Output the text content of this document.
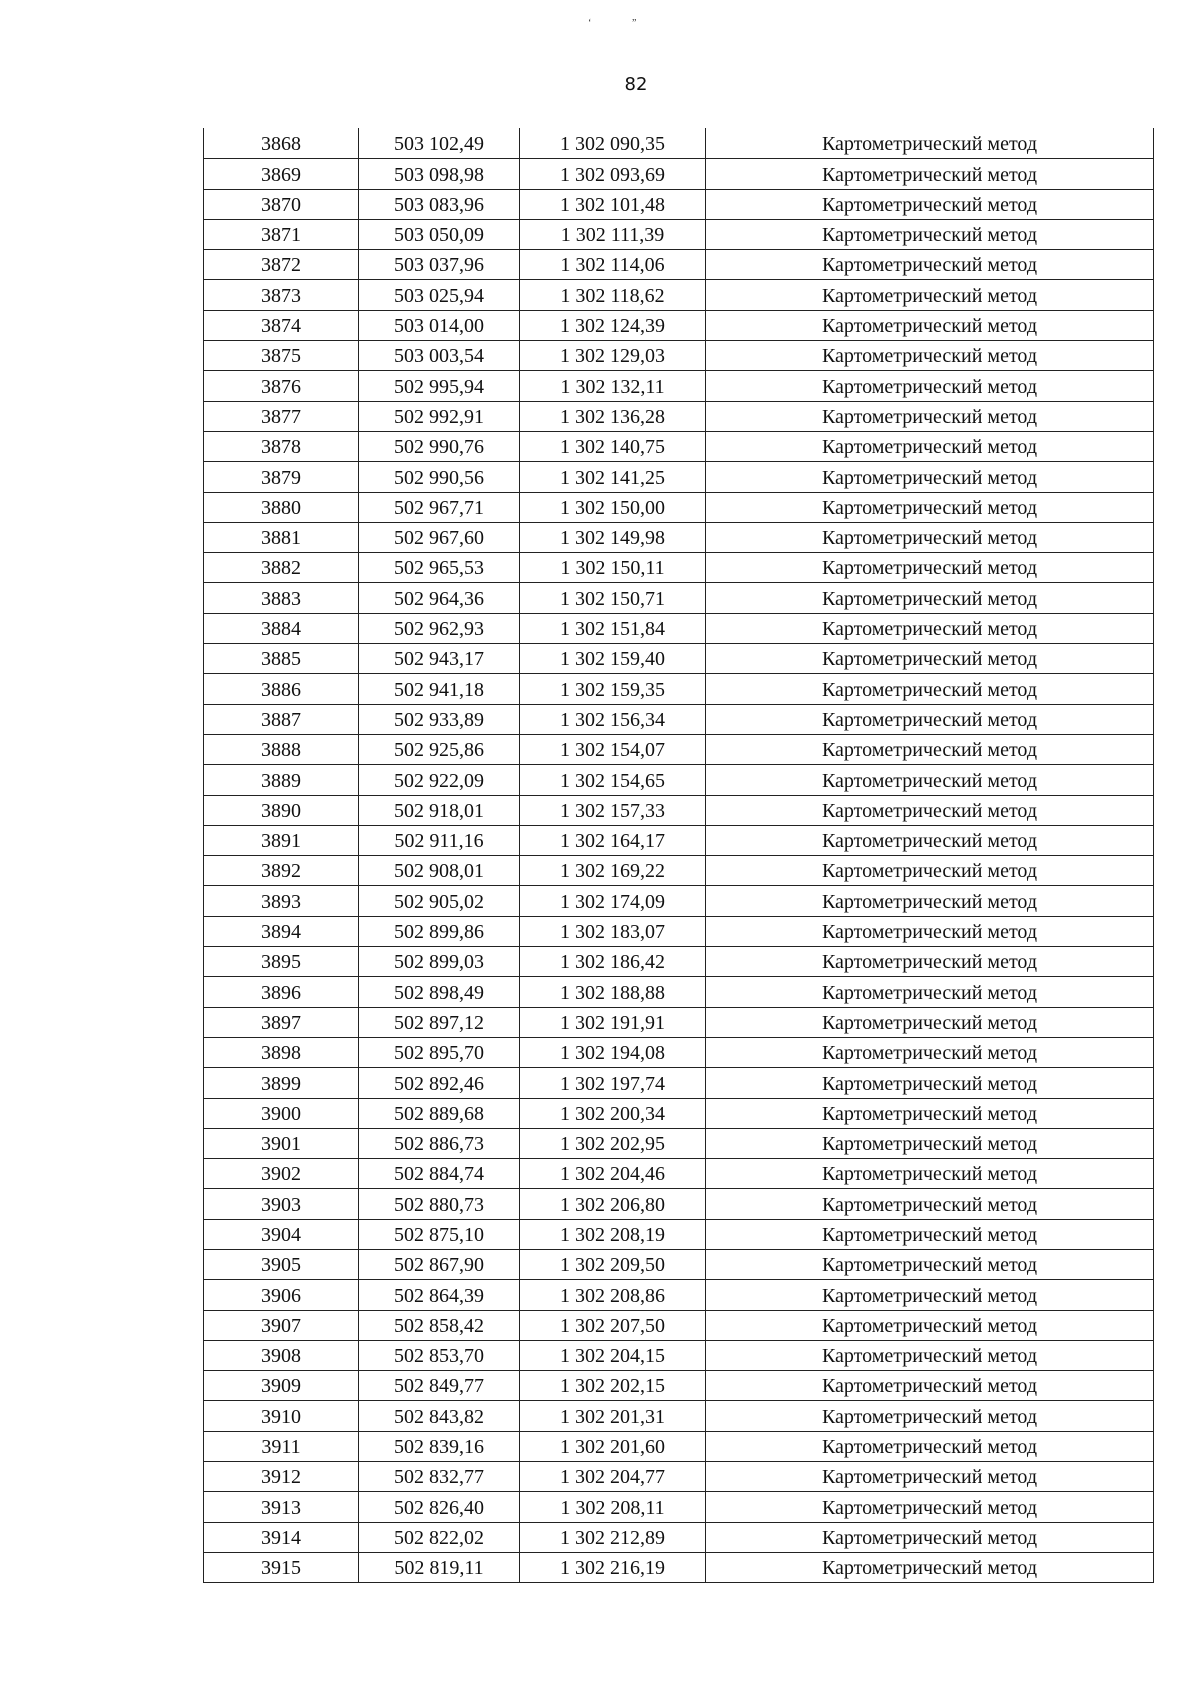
‘	”
82
3868	503 102,49	1 302 090,35	Картометрический метод
3869	503 098,98	1 302 093,69	Картометрический метод
3870	503 083,96	1 302 101,48	Картометрический метод
3871	503 050,09	1 302 111,39	Картометрический метод
3872	503 037,96	1 302 114,06	Картометрический метод
3873	503 025,94	1 302 118,62	Картометрический метод
3874	503 014,00	1 302 124,39	Картометрический метод
3875	503 003,54	1 302 129,03	Картометрический метод
3876	502 995,94	1 302 132,11	Картометрический метод
3877	502 992,91	1 302 136,28	Картометрический метод
3878	502 990,76	1 302 140,75	Картометрический метод
3879	502 990,56	1 302 141,25	Картометрический метод
3880	502 967,71	1 302 150,00	Картометрический метод
3881	502 967,60	1 302 149,98	Картометрический метод
3882	502 965,53	1 302 150,11	Картометрический метод
3883	502 964,36	1 302 150,71	Картометрический метод
3884	502 962,93	1 302 151,84	Картометрический метод
3885	502 943,17	1 302 159,40	Картометрический метод
3886	502 941,18	1 302 159,35	Картометрический метод
3887	502 933,89	1 302 156,34	Картометрический метод
3888	502 925,86	1 302 154,07	Картометрический метод
3889	502 922,09	1 302 154,65	Картометрический метод
3890	502 918,01	1 302 157,33	Картометрический метод
3891	502 911,16	1 302 164,17	Картометрический метод
3892	502 908,01	1 302 169,22	Картометрический метод
3893	502 905,02	1 302 174,09	Картометрический метод
3894	502 899,86	1 302 183,07	Картометрический метод
3895	502 899,03	1 302 186,42	Картометрический метод
3896	502 898,49	1 302 188,88	Картометрический метод
3897	502 897,12	1 302 191,91	Картометрический метод
3898	502 895,70	1 302 194,08	Картометрический метод
3899	502 892,46	1 302 197,74	Картометрический метод
3900	502 889,68	1 302 200,34	Картометрический метод
3901	502 886,73	1 302 202,95	Картометрический метод
3902	502 884,74	1 302 204,46	Картометрический метод
3903	502 880,73	1 302 206,80	Картометрический метод
3904	502 875,10	1 302 208,19	Картометрический метод
3905	502 867,90	1 302 209,50	Картометрический метод
3906	502 864,39	1 302 208,86	Картометрический метод
3907	502 858,42	1 302 207,50	Картометрический метод
3908	502 853,70	1 302 204,15	Картометрический метод
3909	502 849,77	1 302 202,15	Картометрический метод
3910	502 843,82	1 302 201,31	Картометрический метод
3911	502 839,16	1 302 201,60	Картометрический метод
3912	502 832,77	1 302 204,77	Картометрический метод
3913	502 826,40	1 302 208,11	Картометрический метод
3914	502 822,02	1 302 212,89	Картометрический метод
3915	502 819,11	1 302 216,19	Картометрический метод
